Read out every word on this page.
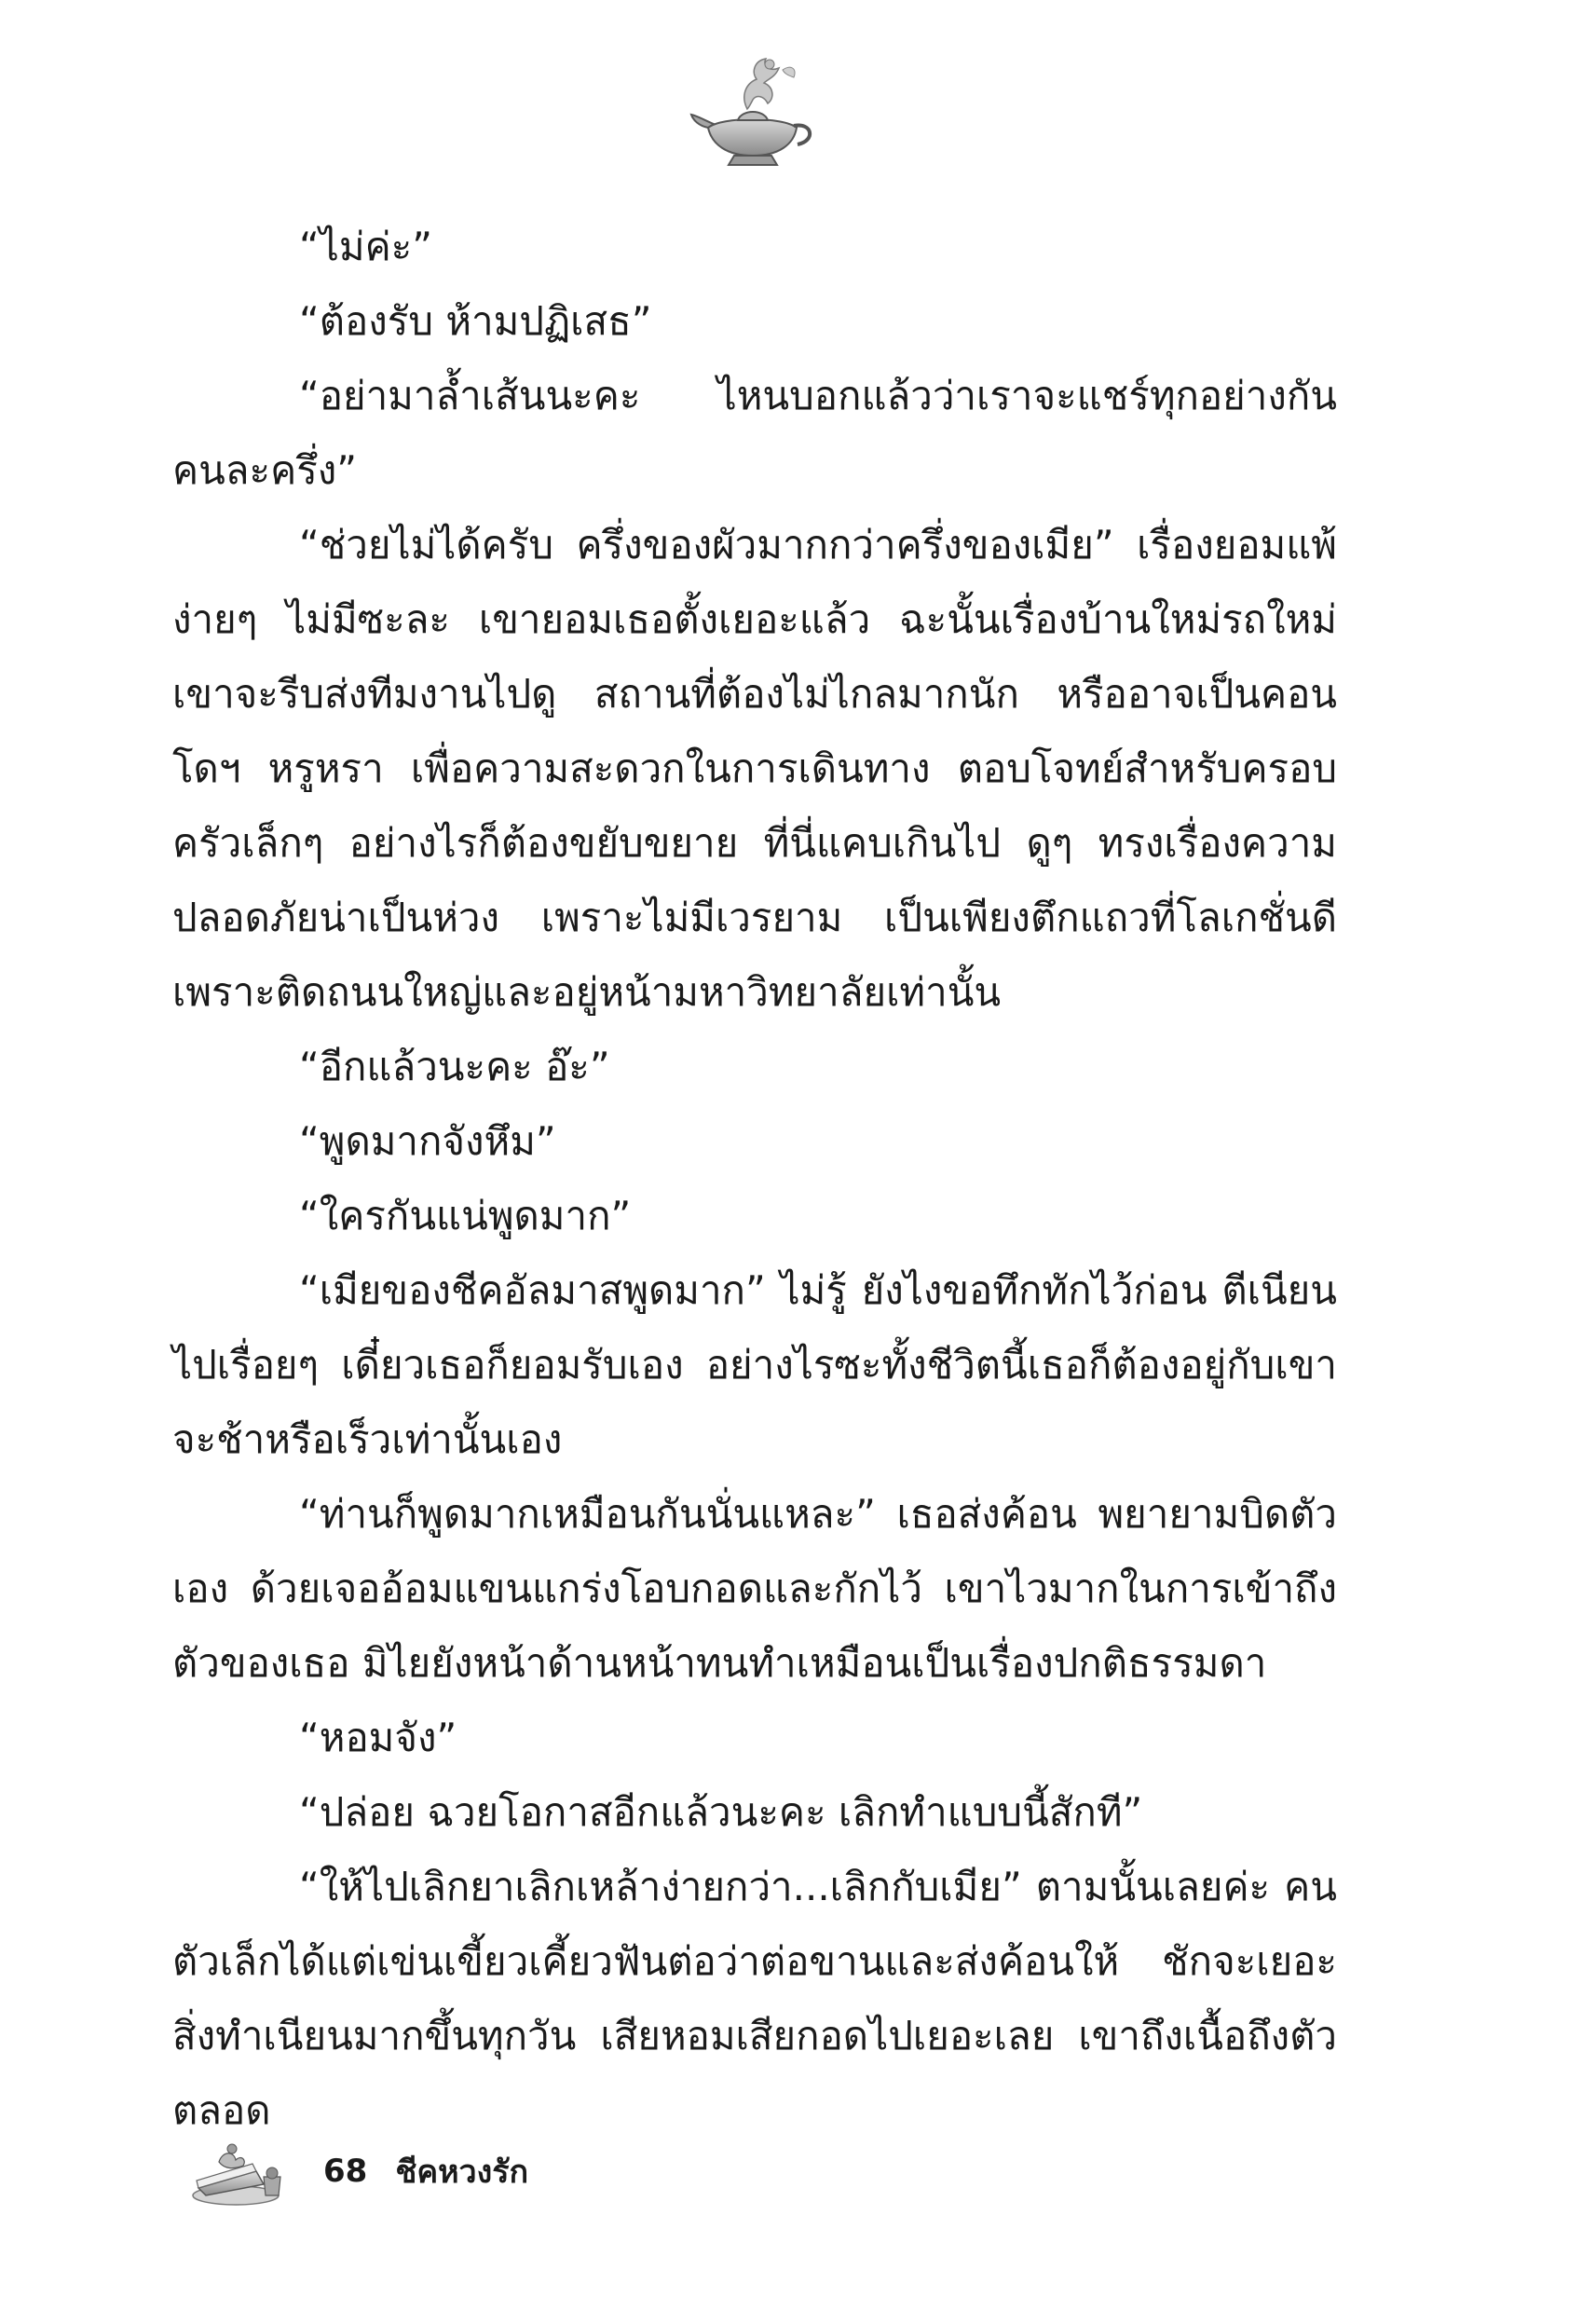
“ไม่ค่ะ”

“ต้องรับ ห้ามปฏิเสธ”

“อย่ามาล้ำเส้นนะคะ ไหนบอกแล้วว่าเราจะแชร์ทุกอย่างกันคนละครึ่ง”

“ช่วยไม่ได้ครับ ครึ่งของผัวมากกว่าครึ่งของเมีย” เรื่องยอมแพ้ง่ายๆ ไม่มีซะละ เขายอมเธอตั้งเยอะแล้ว ฉะนั้นเรื่องบ้านใหม่รถใหม่เขาจะรีบส่งทีมงานไปดู สถานที่ต้องไม่ไกลมากนัก หรืออาจเป็นคอนโดฯ หรูหรา เพื่อความสะดวกในการเดินทาง ตอบโจทย์สำหรับครอบครัวเล็กๆ อย่างไรก็ต้องขยับขยาย ที่นี่แคบเกินไป ดูๆ ทรงเรื่องความปลอดภัยน่าเป็นห่วง เพราะไม่มีเวรยาม เป็นเพียงตึกแถวที่โลเกชั่นดีเพราะติดถนนใหญ่และอยู่หน้ามหาวิทยาลัยเท่านั้น

“อีกแล้วนะคะ อ๊ะ”

“พูดมากจังหึม”

“ใครกันแน่พูดมาก”

“เมียของชีคอัลมาสพูดมาก” ไม่รู้ ยังไงขอทึกทักไว้ก่อน ตีเนียนไปเรื่อยๆ เดี๋ยวเธอก็ยอมรับเอง อย่างไรซะทั้งชีวิตนี้เธอก็ต้องอยู่กับเขาจะช้าหรือเร็วเท่านั้นเอง

“ท่านก็พูดมากเหมือนกันนั่นแหละ” เธอส่งค้อน พยายามบิดตัวเอง ด้วยเจออ้อมแขนแกร่งโอบกอดและกักไว้ เขาไวมากในการเข้าถึงตัวของเธอ มิไยยังหน้าด้านหน้าทนทำเหมือนเป็นเรื่องปกติธรรมดา

“หอมจัง”

“ปล่อย ฉวยโอกาสอีกแล้วนะคะ เลิกทำแบบนี้สักที”

“ให้ไปเลิกยาเลิกเหล้าง่ายกว่า...เลิกกับเมีย” ตามนั้นเลยค่ะ คนตัวเล็กได้แต่เข่นเขี้ยวเคี้ยวฟันต่อว่าต่อขานและส่งค้อนให้ ชักจะเยอะสิ่งทำเนียนมากขึ้นทุกวัน เสียหอมเสียกอดไปเยอะเลย เขาถึงเนื้อถึงตัวตลอด

68 ชีคหวงรัก
